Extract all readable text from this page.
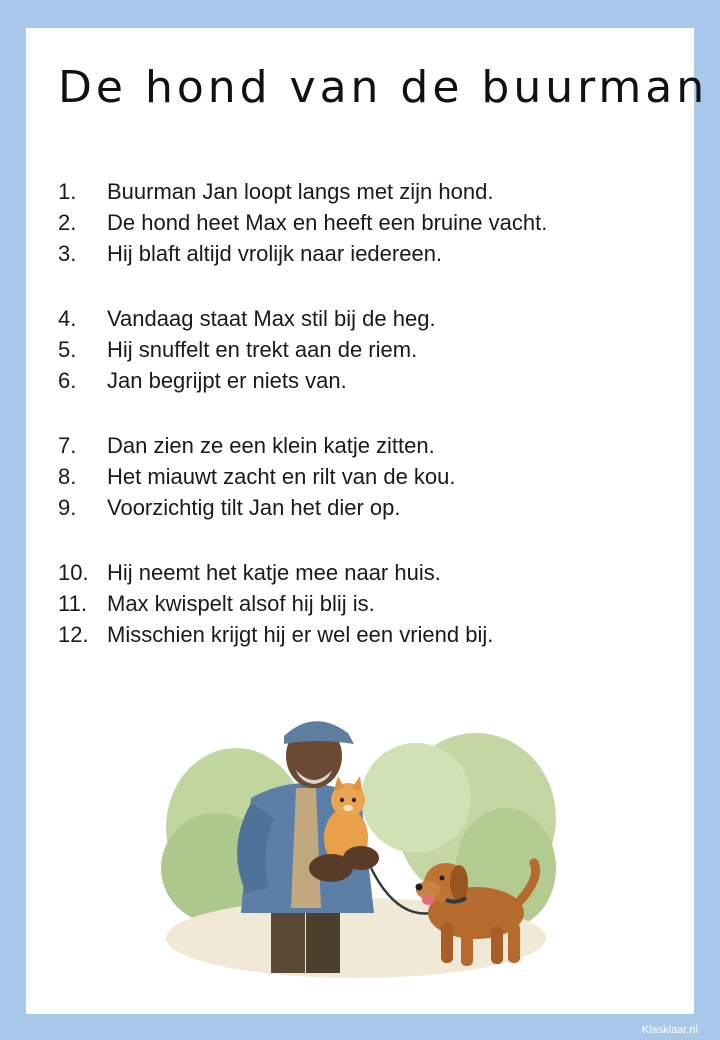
De hond van de buurman
1. Buurman Jan loopt langs met zijn hond.
2. De hond heet Max en heeft een bruine vacht.
3. Hij blaft altijd vrolijk naar iedereen.
4. Vandaag staat Max stil bij de heg.
5. Hij snuffelt en trekt aan de riem.
6. Jan begrijpt er niets van.
7. Dan zien ze een klein katje zitten.
8. Het miauwt zacht en rilt van de kou.
9. Voorzichtig tilt Jan het dier op.
10. Hij neemt het katje mee naar huis.
11. Max kwispelt alsof hij blij is.
12. Misschien krijgt hij er wel een vriend bij.
Klasklaar.nl
